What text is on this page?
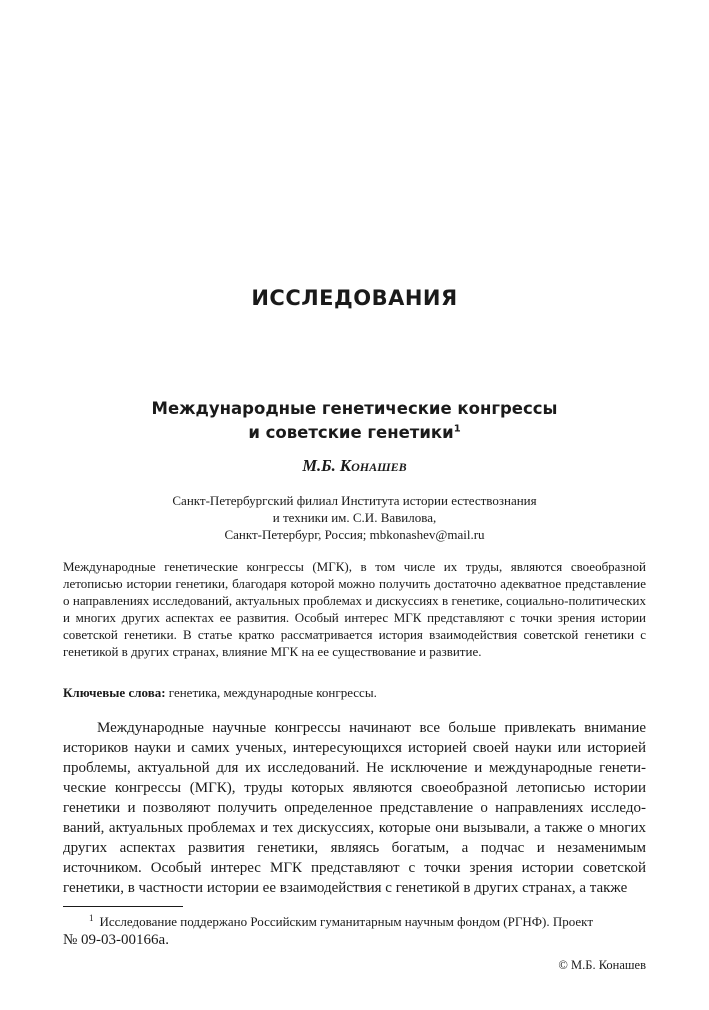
ИССЛЕДОВАНИЯ
Международные генетические конгрессы
и советские генетики$^1$
М.Б. Конашев
Санкт-Петербургский филиал Института истории естествознания
и техники им. С.И. Вавилова,
Санкт-Петербург, Россия; mbkonashev@mail.ru
Международные генетические конгрессы (МГК), в том числе их труды, являются своеобразной летописью истории генетики, благодаря которой можно получить достаточно адекватное представление о направлениях исследований, актуальных проблемах и дискуссиях в генетике, социально-политических и многих других аспектах ее развития. Особый интерес МГК представляют с точки зрения истории советской генетики. В статье кратко рассматривается история взаимодействия советской генетики с генетикой в других странах, влияние МГК на ее существование и развитие.
Ключевые слова: генетика, международные конгрессы.
Международные научные конгрессы начинают все больше привлекать внимание историков науки и самих ученых, интересующихся историей своей науки или историей проблемы, актуальной для их исследований. Не исключение и международные генетические конгрессы (МГК), труды которых являются своеобразной летописью истории генетики и позволяют получить определенное представление о направлениях исследований, актуальных проблемах и тех дискуссиях, которые они вызывали, а также о многих других аспектах развития генетики, являясь богатым, а подчас и незаменимым источником. Особый интерес МГК представляют с точки зрения истории советской генетики, в частности истории ее взаимодействия с генетикой в других странах, а также
$^1$ Исследование поддержано Российским гуманитарным научным фондом (РГНФ). Проект
№ 09-03-00166а.
© М.Б. Конашев
